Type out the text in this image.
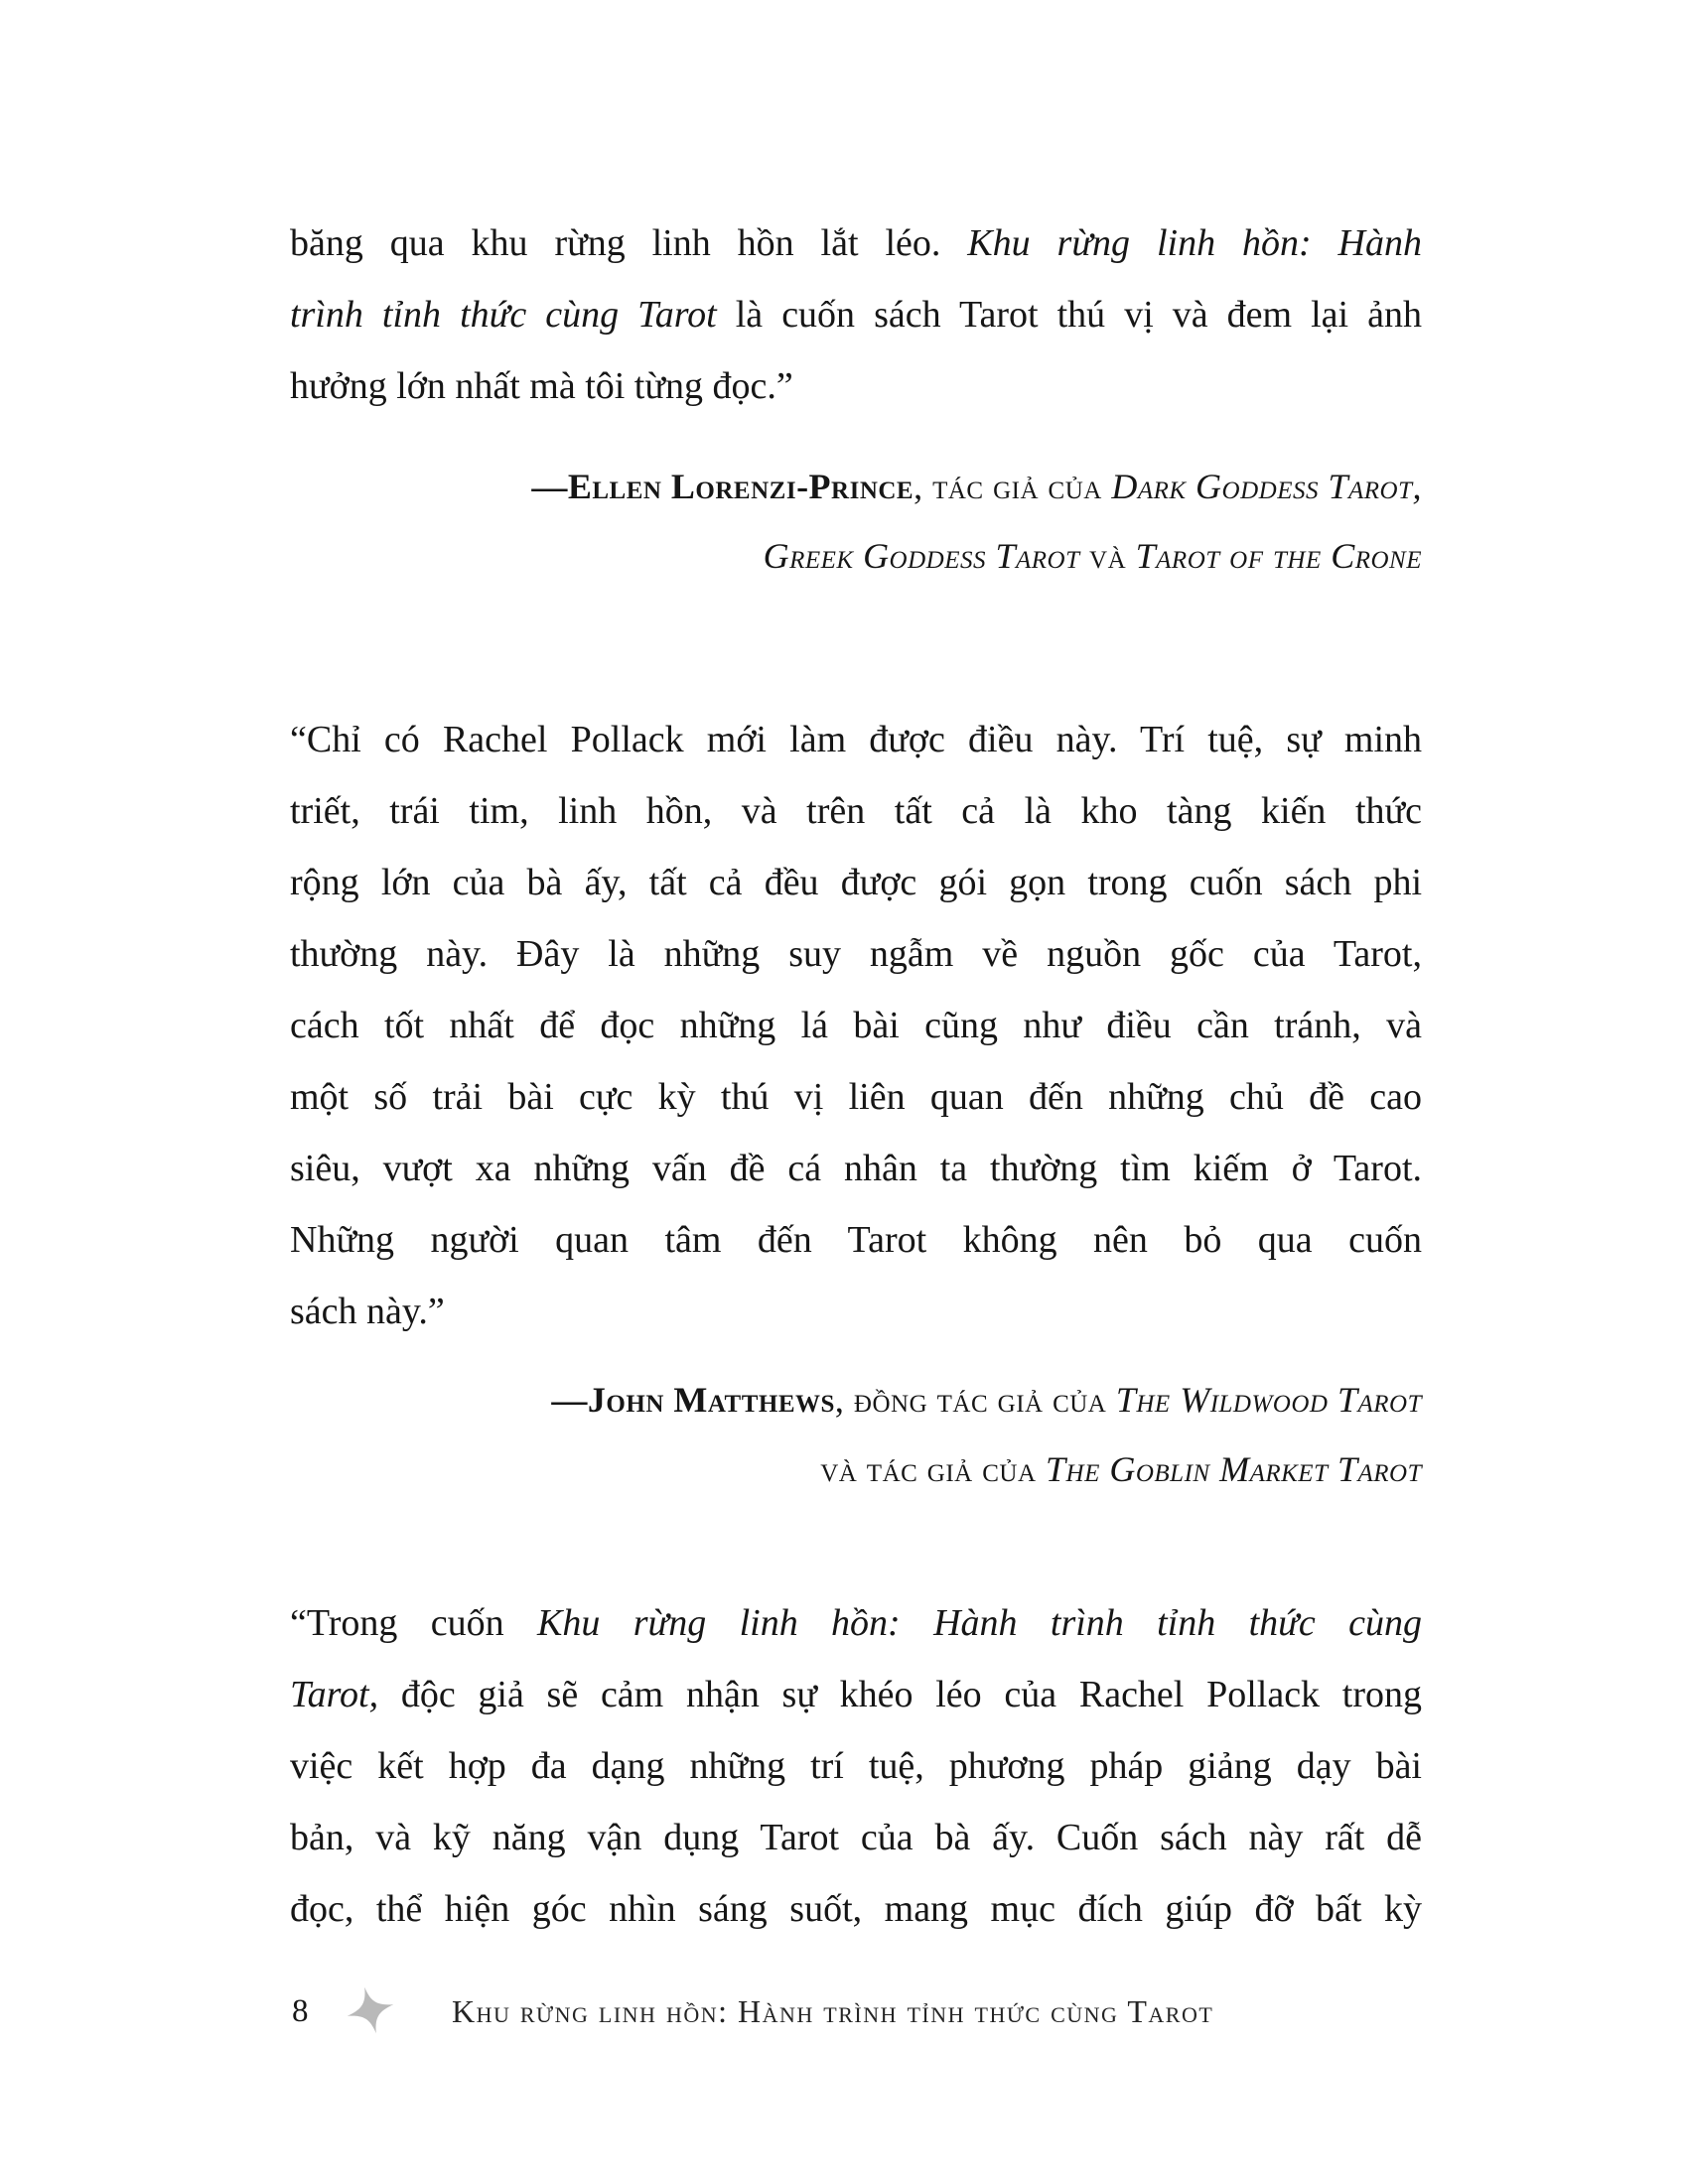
băng qua khu rừng linh hồn lắt léo. Khu rừng linh hồn: Hành
trình tỉnh thức cùng Tarot là cuốn sách Tarot thú vị và đem lại ảnh
hưởng lớn nhất mà tôi từng đọc.”
—Ellen Lorenzi-Prince, tác giả của Dark Goddess Tarot,
Greek Goddess Tarot và Tarot of the Crone
“Chỉ có Rachel Pollack mới làm được điều này. Trí tuệ, sự minh
triết, trái tim, linh hồn, và trên tất cả là kho tàng kiến thức
rộng lớn của bà ấy, tất cả đều được gói gọn trong cuốn sách phi
thường này. Đây là những suy ngẫm về nguồn gốc của Tarot,
cách tốt nhất để đọc những lá bài cũng như điều cần tránh, và
một số trải bài cực kỳ thú vị liên quan đến những chủ đề cao
siêu, vượt xa những vấn đề cá nhân ta thường tìm kiếm ở Tarot.
Những người quan tâm đến Tarot không nên bỏ qua cuốn
sách này.”
—John Matthews, đồng tác giả của The Wildwood Tarot
và tác giả của The Goblin Market Tarot
“Trong cuốn Khu rừng linh hồn: Hành trình tỉnh thức cùng
Tarot, độc giả sẽ cảm nhận sự khéo léo của Rachel Pollack trong
việc kết hợp đa dạng những trí tuệ, phương pháp giảng dạy bài
bản, và kỹ năng vận dụng Tarot của bà ấy. Cuốn sách này rất dễ
đọc, thể hiện góc nhìn sáng suốt, mang mục đích giúp đỡ bất kỳ
8	Khu rừng linh hồn: Hành trình tỉnh thức cùng Tarot
